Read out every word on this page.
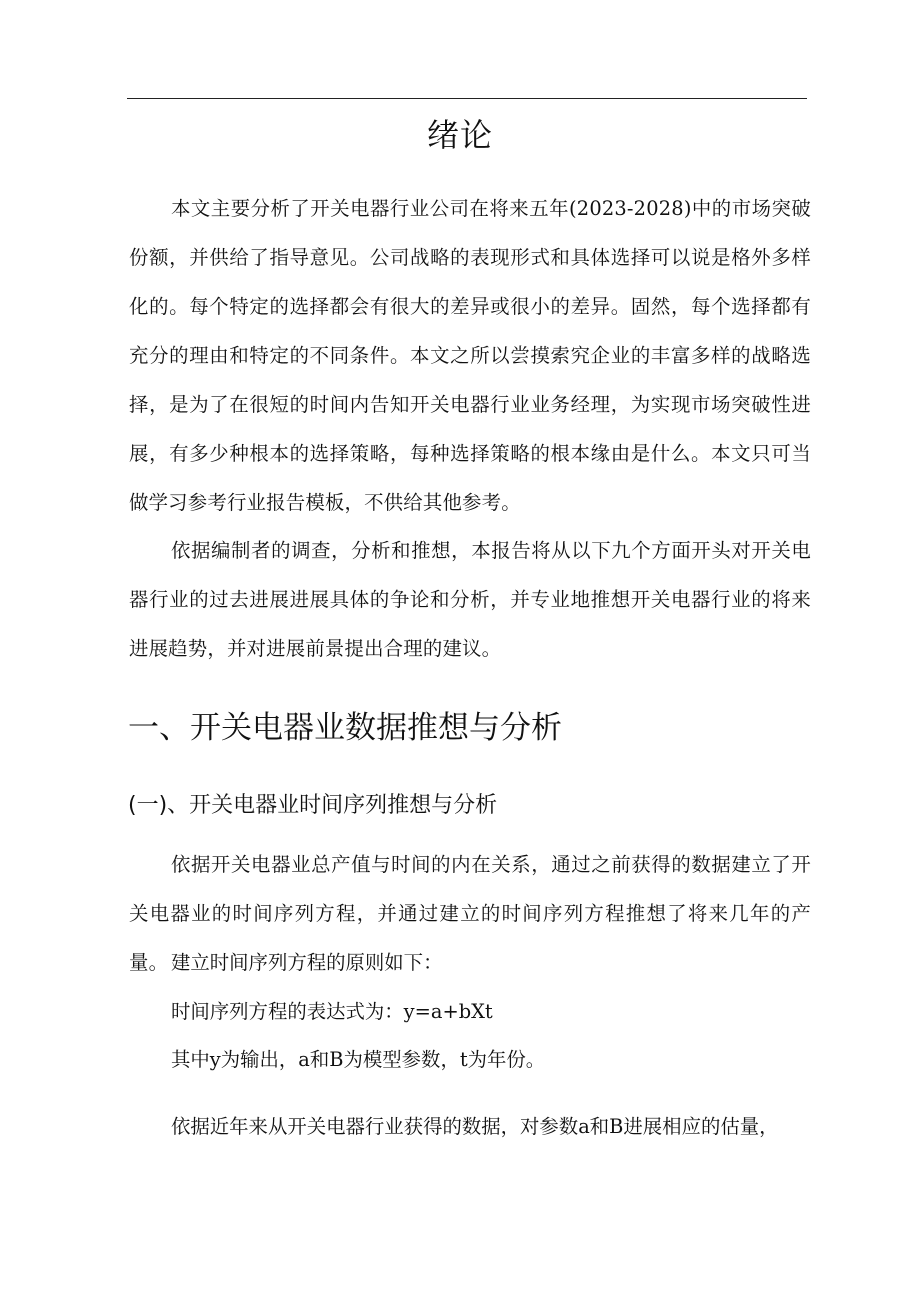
绪论

本文主要分析了开关电器行业公司在将来五年(2023-2028)中的市场突破份额，并供给了指导意见。公司战略的表现形式和具体选择可以说是格外多样化的。每个特定的选择都会有很大的差异或很小的差异。固然，每个选择都有充分的理由和特定的不同条件。本文之所以尝摸索究企业的丰富多样的战略选择，是为了在很短的时间内告知开关电器行业业务经理，为实现市场突破性进展，有多少种根本的选择策略，每种选择策略的根本缘由是什么。本文只可当做学习参考行业报告模板，不供给其他参考。

依据编制者的调查，分析和推想，本报告将从以下九个方面开头对开关电器行业的过去进展进展具体的争论和分析，并专业地推想开关电器行业的将来进展趋势，并对进展前景提出合理的建议。

一、开关电器业数据推想与分析
(一)、开关电器业时间序列推想与分析

依据开关电器业总产值与时间的内在关系，通过之前获得的数据建立了开关电器业的时间序列方程，并通过建立的时间序列方程推想了将来几年的产量。 建立时间序列方程的原则如下：

时间序列方程的表达式为：y=a+bXt

其中y为输出，a和B为模型参数，t为年份。

依据近年来从开关电器行业获得的数据，对参数a和B进展相应的估量，
